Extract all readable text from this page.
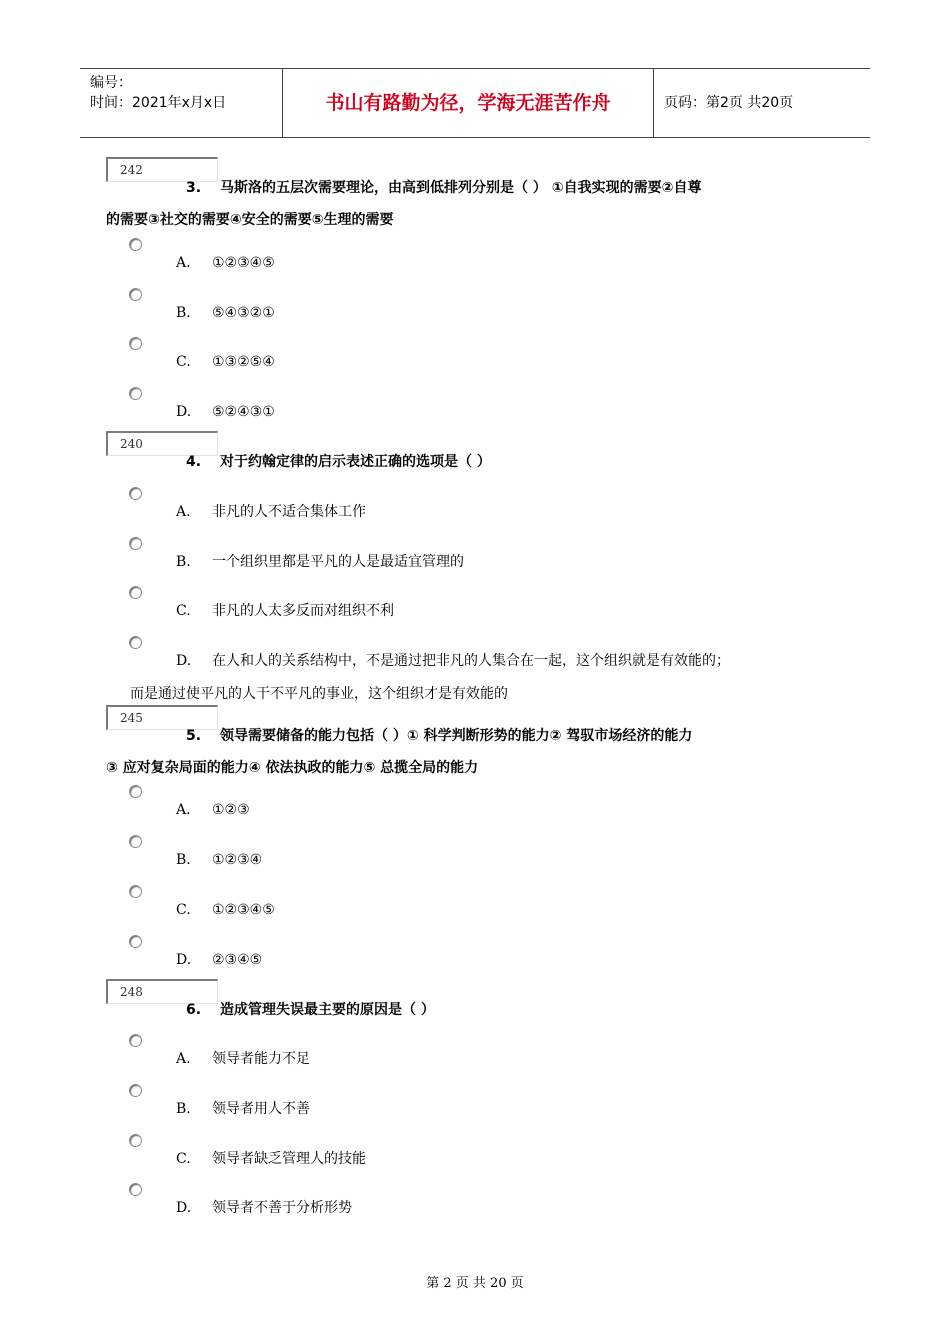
编号：
时间：2021年x月x日	书山有路勤为径，学海无涯苦作舟	页码：第2页 共20页
242
3. 马斯洛的五层次需要理论，由高到低排列分别是（ ） ①自我实现的需要②自尊
的需要③社交的需要④安全的需要⑤生理的需要
A. ①②③④⑤
B. ⑤④③②①
C. ①③②⑤④
D. ⑤②④③①
240
4. 对于约翰定律的启示表述正确的选项是（ ）
A. 非凡的人不适合集体工作
B. 一个组织里都是平凡的人是最适宜管理的
C. 非凡的人太多反而对组织不利
D. 在人和人的关系结构中，不是通过把非凡的人集合在一起，这个组织就是有效能的；
而是通过使平凡的人干不平凡的事业，这个组织才是有效能的
245
5. 领导需要储备的能力包括（ ）① 科学判断形势的能力② 驾驭市场经济的能力
③ 应对复杂局面的能力④ 依法执政的能力⑤ 总揽全局的能力
A. ①②③
B. ①②③④
C. ①②③④⑤
D. ②③④⑤
248
6. 造成管理失误最主要的原因是（ ）
A. 领导者能力不足
B. 领导者用人不善
C. 领导者缺乏管理人的技能
D. 领导者不善于分析形势
第 2 页 共 20 页
